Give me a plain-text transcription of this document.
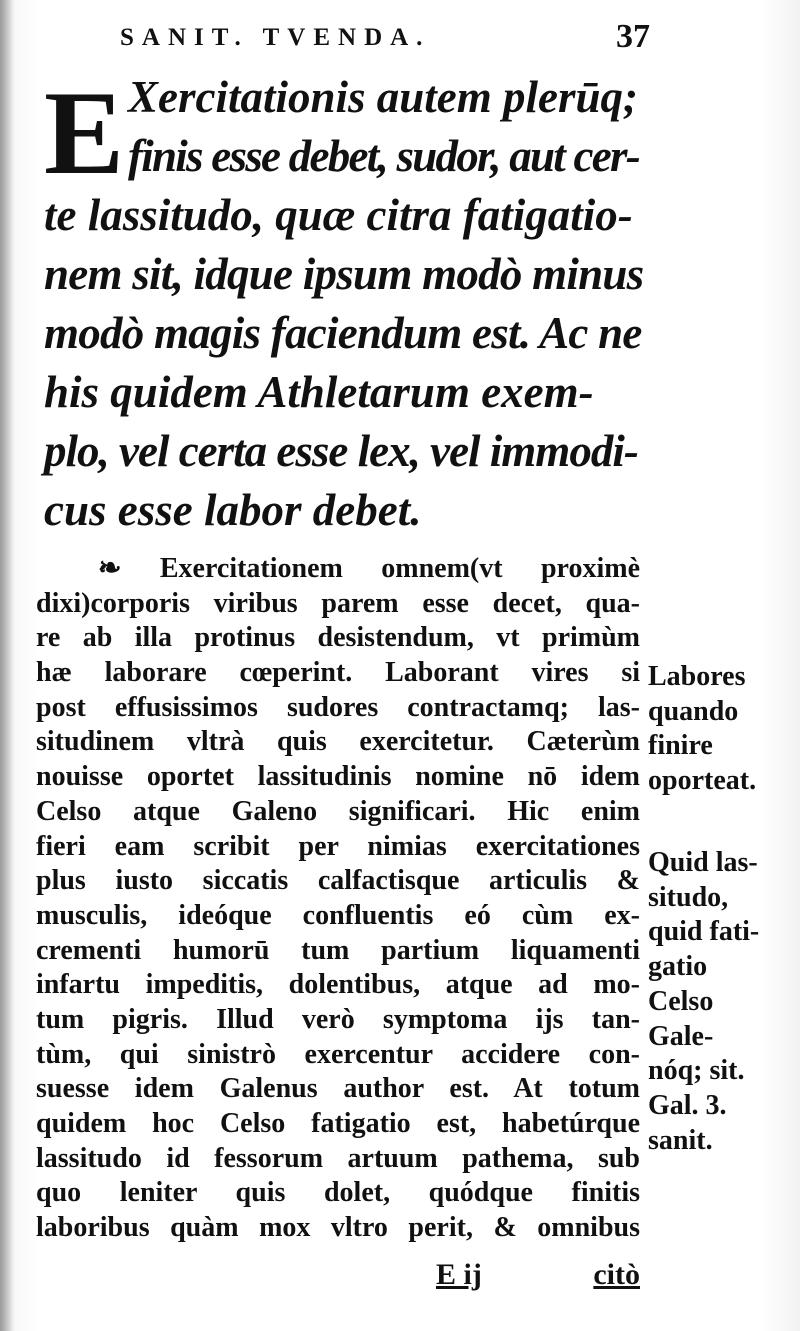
SANIT. TVENDA.	37
E Xercitationis autem plerūq;
finis esse debet, sudor, aut cer-
te lassitudo, quæ citra fatigatio-
nem sit, idque ipsum modò minus
modò magis faciendum est. Ac ne
his quidem Athletarum exem-
plo, vel certa esse lex, vel immodi-
cus esse labor debet.
❧ Exercitationem omnem(vt proximè
dixi)corporis viribus parem esse decet, qua-
re ab illa protinus desistendum, vt primùm
hæ laborare cœperint. Laborant vires si
post effusissimos sudores contractamq; las-
situdinem vltrà quis exercitetur. Cæterùm
nouisse oportet lassitudinis nomine nō idem
Celso atque Galeno significari. Hic enim
fieri eam scribit per nimias exercitationes
plus iusto siccatis calfactisque articulis &
musculis, ideóque confluentis eó cùm ex-
crementi humorū tum partium liquamenti
infartu impeditis, dolentibus, atque ad mo-
tum pigris. Illud verò symptoma ijs tan-
tùm, qui sinistrò exercentur accidere con-
suesse idem Galenus author est. At totum
quidem hoc Celso fatigatio est, habetúrque
lassitudo id fessorum artuum pathema, sub
quo leniter quis dolet, quódque finitis
laboribus quàm mox vltro perit, & omnibus
Labores
quando
finire
oporteat.
Quid las-
situdo,
quid fati-
gatio
Celso
Gale-
nóq; sit.
Gal. 3.
sanit.
E ij	citò
